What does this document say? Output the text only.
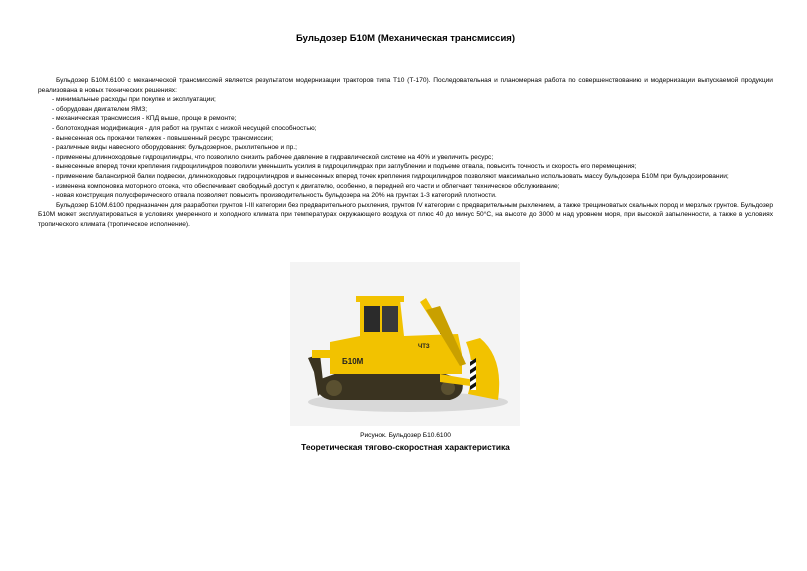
Бульдозер Б10М (Механическая трансмиссия)

Бульдозер Б10М.6100 с механической трансмиссией является результатом модернизации тракторов типа Т10 (Т-170). Последовательная и планомерная работа по совершенствованию и модернизации выпускаемой продукции реализована в новых технических решениях:

- минимальные расходы при покупке и эксплуатации;
- оборудован двигателем ЯМЗ;
- механическая трансмиссия - КПД выше, проще в ремонте;
- болотоходная модификация - для работ на грунтах с низкой несущей способностью;
- вынесенная ось прокачки тележек - повышенный ресурс трансмиссии;
- различные виды навесного оборудования: бульдозерное, рыхлительное и пр.;
- применены длинноходовые гидроцилиндры, что позволило снизить рабочее давление в гидравлической системе на 40% и увеличить ресурс;
- вынесенные вперед точки крепления гидроцилиндров позволили уменьшить усилия в гидроцилиндрах при заглублении и подъеме отвала, повысить точность и скорость его перемещения;
- применение балансирной балки подвески, длинноходовых гидроцилиндров и вынесенных вперед точек крепления гидроцилиндров позволяют максимально использовать массу бульдозера Б10М при бульдозировании;
- изменена компоновка моторного отсека, что обеспечивает свободный доступ к двигателю, особенно, в передней его части и облегчает техническое обслуживание;
- новая конструкция полусферического отвала позволяет повысить производительность бульдозера на 20% на грунтах 1-3 категорий плотности.

Бульдозер Б10М.6100 предназначен для разработки грунтов I-III категории без предварительного рыхления, грунтов IV категории с предварительным рыхлением, а также трещиноватых скальных пород и мерзлых грунтов. Бульдозер Б10М может эксплуатироваться в условиях умеренного и холодного климата при температурах окружающего воздуха от плюс 40 до минус 50°С, на высоте до 3000 м над уровнем моря, при высокой запыленности, а также в условиях тропического климата (тропическое исполнение).

Б10М
ЧТЗ
Рисунок. Бульдозер Б10.6100
Теоретическая тягово-скоростная характеристика
